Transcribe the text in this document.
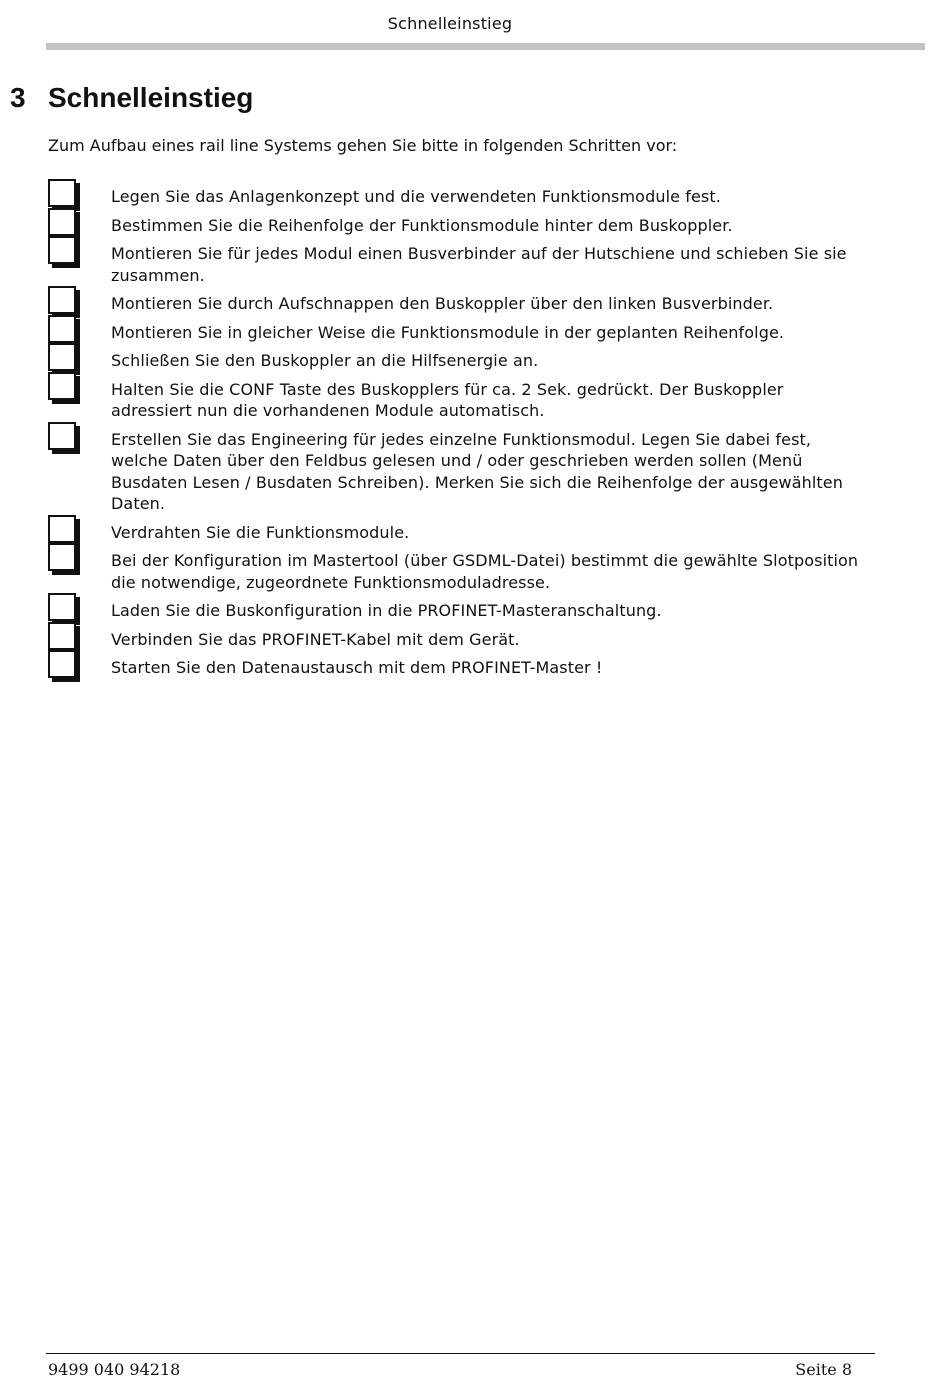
Schnelleinstieg
3 Schnelleinstieg

Zum Aufbau eines rail line Systems gehen Sie bitte in folgenden Schritten vor:

Legen Sie das Anlagenkonzept und die verwendeten Funktionsmodule fest.
Bestimmen Sie die Reihenfolge der Funktionsmodule hinter dem Buskoppler.
Montieren Sie für jedes Modul einen Busverbinder auf der Hutschiene und schieben Sie sie zusammen.
Montieren Sie durch Aufschnappen den Buskoppler über den linken Busverbinder.
Montieren Sie in gleicher Weise die Funktionsmodule in der geplanten Reihenfolge.
Schließen Sie den Buskoppler an die Hilfsenergie an.
Halten Sie die CONF Taste des Buskopplers für ca. 2 Sek. gedrückt. Der Buskoppler adressiert nun die vorhandenen Module automatisch.
Erstellen Sie das Engineering für jedes einzelne Funktionsmodul. Legen Sie dabei fest, welche Daten über den Feldbus gelesen und / oder geschrieben werden sollen (Menü Busdaten Lesen / Busdaten Schreiben). Merken Sie sich die Reihenfolge der ausgewählten Daten.
Verdrahten Sie die Funktionsmodule.
Bei der Konfiguration im Mastertool (über GSDML-Datei) bestimmt die gewählte Slotposition die notwendige, zugeordnete Funktionsmoduladresse.
Laden Sie die Buskonfiguration in die PROFINET-Masteranschaltung.
Verbinden Sie das PROFINET-Kabel mit dem Gerät.
Starten Sie den Datenaustausch mit dem PROFINET-Master !
9499 040 94218	Seite 8
